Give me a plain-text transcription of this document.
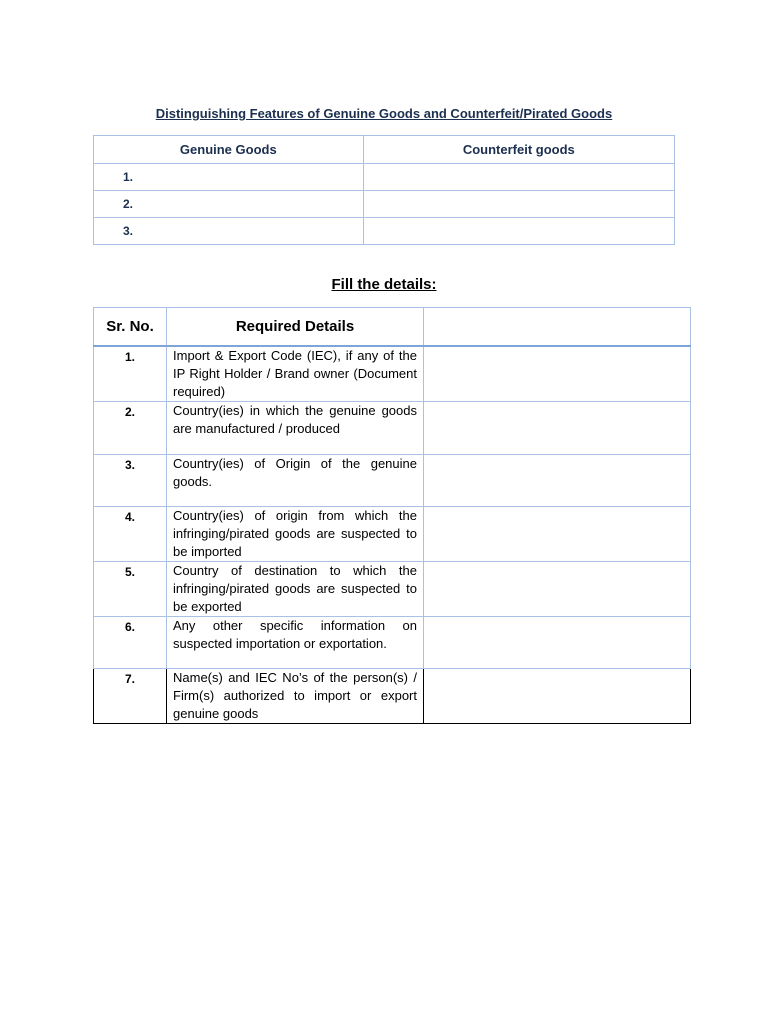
Distinguishing Features of Genuine Goods and Counterfeit/Pirated Goods
Genuine Goods	Counterfeit goods
1.	
2.	
3.	
Fill the details:
Sr. No.	Required Details	
1.	Import & Export Code (IEC), if any of the IP Right Holder / Brand owner (Document required)	
2.	Country(ies) in which the genuine goods are manufactured / produced	
3.	Country(ies) of Origin of the genuine goods.	
4.	Country(ies) of origin from which the infringing/pirated goods are suspected to be imported	
5.	Country of destination to which the infringing/pirated goods are suspected to be exported	
6.	Any other specific information on suspected importation or exportation.	
7.	Name(s) and IEC No’s of the person(s) / Firm(s) authorized to import or export genuine goods	
